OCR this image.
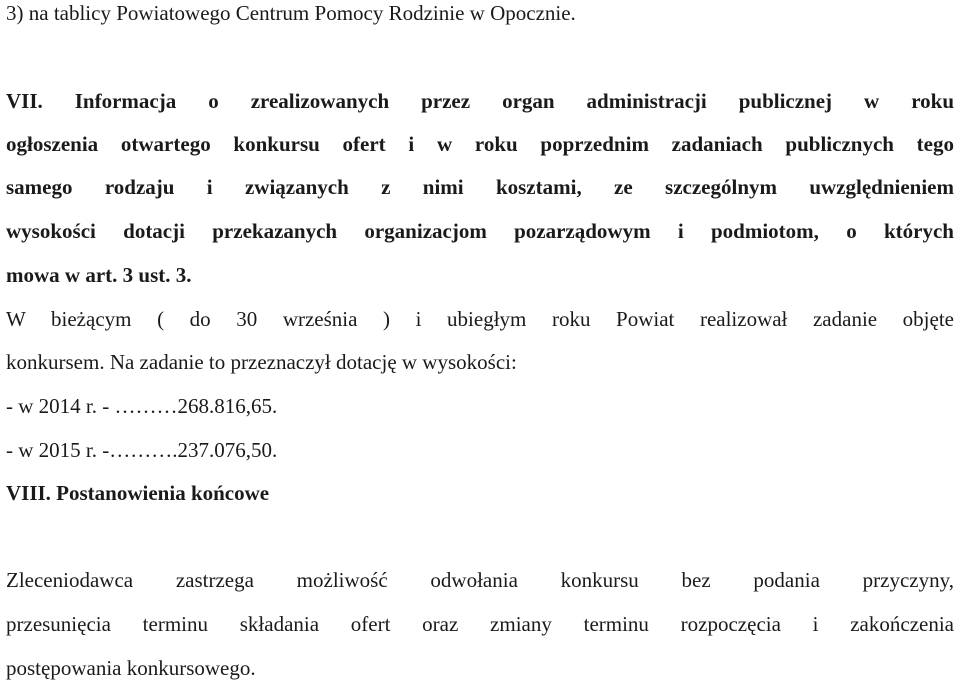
3) na tablicy Powiatowego Centrum Pomocy Rodzinie w Opocznie.
VII. Informacja o zrealizowanych przez organ administracji publicznej w roku
ogłoszenia otwartego konkursu ofert i w roku poprzednim zadaniach publicznych tego
samego rodzaju i związanych z nimi kosztami, ze szczególnym uwzględnieniem
wysokości dotacji przekazanych organizacjom pozarządowym i podmiotom, o których
mowa w art. 3 ust. 3.
W bieżącym ( do 30 września ) i ubiegłym roku Powiat realizował zadanie objęte
konkursem. Na zadanie to przeznaczył dotację w wysokości:
- w 2014 r. - ………268.816,65.
- w 2015 r. -……….237.076,50.
VIII. Postanowienia końcowe
Zleceniodawca zastrzega możliwość odwołania konkursu bez podania przyczyny,
przesunięcia terminu składania ofert oraz zmiany terminu rozpoczęcia i zakończenia
postępowania konkursowego.
